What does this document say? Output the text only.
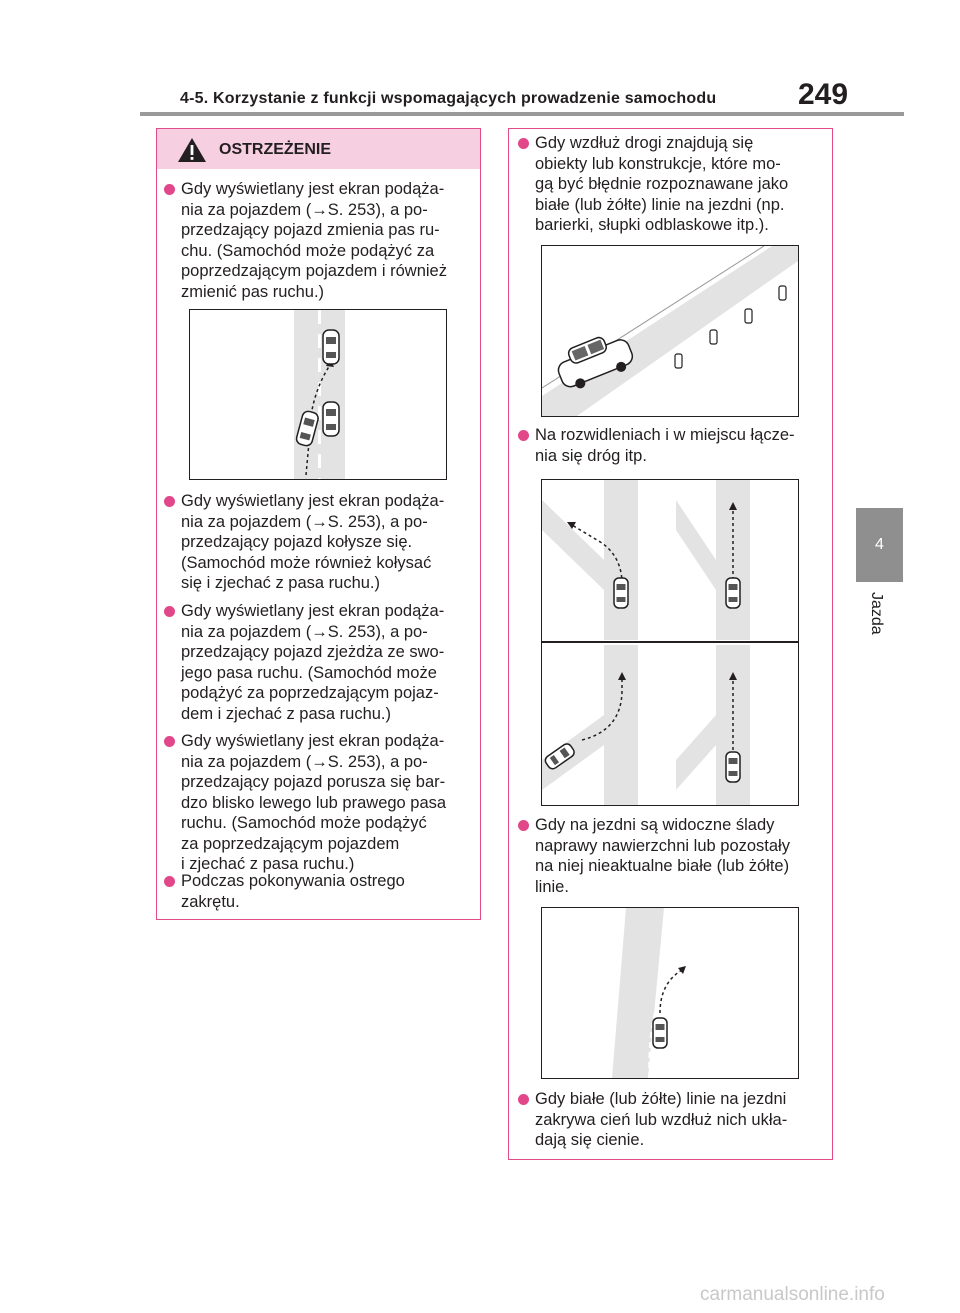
4-5. Korzystanie z funkcji wspomagających prowadzenie samochodu	249
4
Jazda
OSTRZEŻENIE

Gdy wyświetlany jest ekran podąża-
nia za pojazdem (→S. 253), a po-
przedzający pojazd zmienia pas ru-
chu. (Samochód może podążyć za
poprzedzającym pojazdem i również
zmienić pas ruchu.)

Gdy wyświetlany jest ekran podąża-
nia za pojazdem (→S. 253), a po-
przedzający pojazd kołysze się.
(Samochód może również kołysać
się i zjechać z pasa ruchu.)

Gdy wyświetlany jest ekran podąża-
nia za pojazdem (→S. 253), a po-
przedzający pojazd zjeżdża ze swo-
jego pasa ruchu. (Samochód może
podążyć za poprzedzającym pojaz-
dem i zjechać z pasa ruchu.)

Gdy wyświetlany jest ekran podąża-
nia za pojazdem (→S. 253), a po-
przedzający pojazd porusza się bar-
dzo blisko lewego lub prawego pasa
ruchu. (Samochód może podążyć
za poprzedzającym pojazdem
i zjechać z pasa ruchu.)

Podczas pokonywania ostrego
zakrętu.

Gdy wzdłuż drogi znajdują się
obiekty lub konstrukcje, które mo-
gą być błędnie rozpoznawane jako
białe (lub żółte) linie na jezdni (np.
barierki, słupki odblaskowe itp.).

Na rozwidleniach i w miejscu łącze-
nia się dróg itp.

Gdy na jezdni są widoczne ślady
naprawy nawierzchni lub pozostały
na niej nieaktualne białe (lub żółte)
linie.

Gdy białe (lub żółte) linie na jezdni
zakrywa cień lub wzdłuż nich ukła-
dają się cienie.

carmanualsonline.info
